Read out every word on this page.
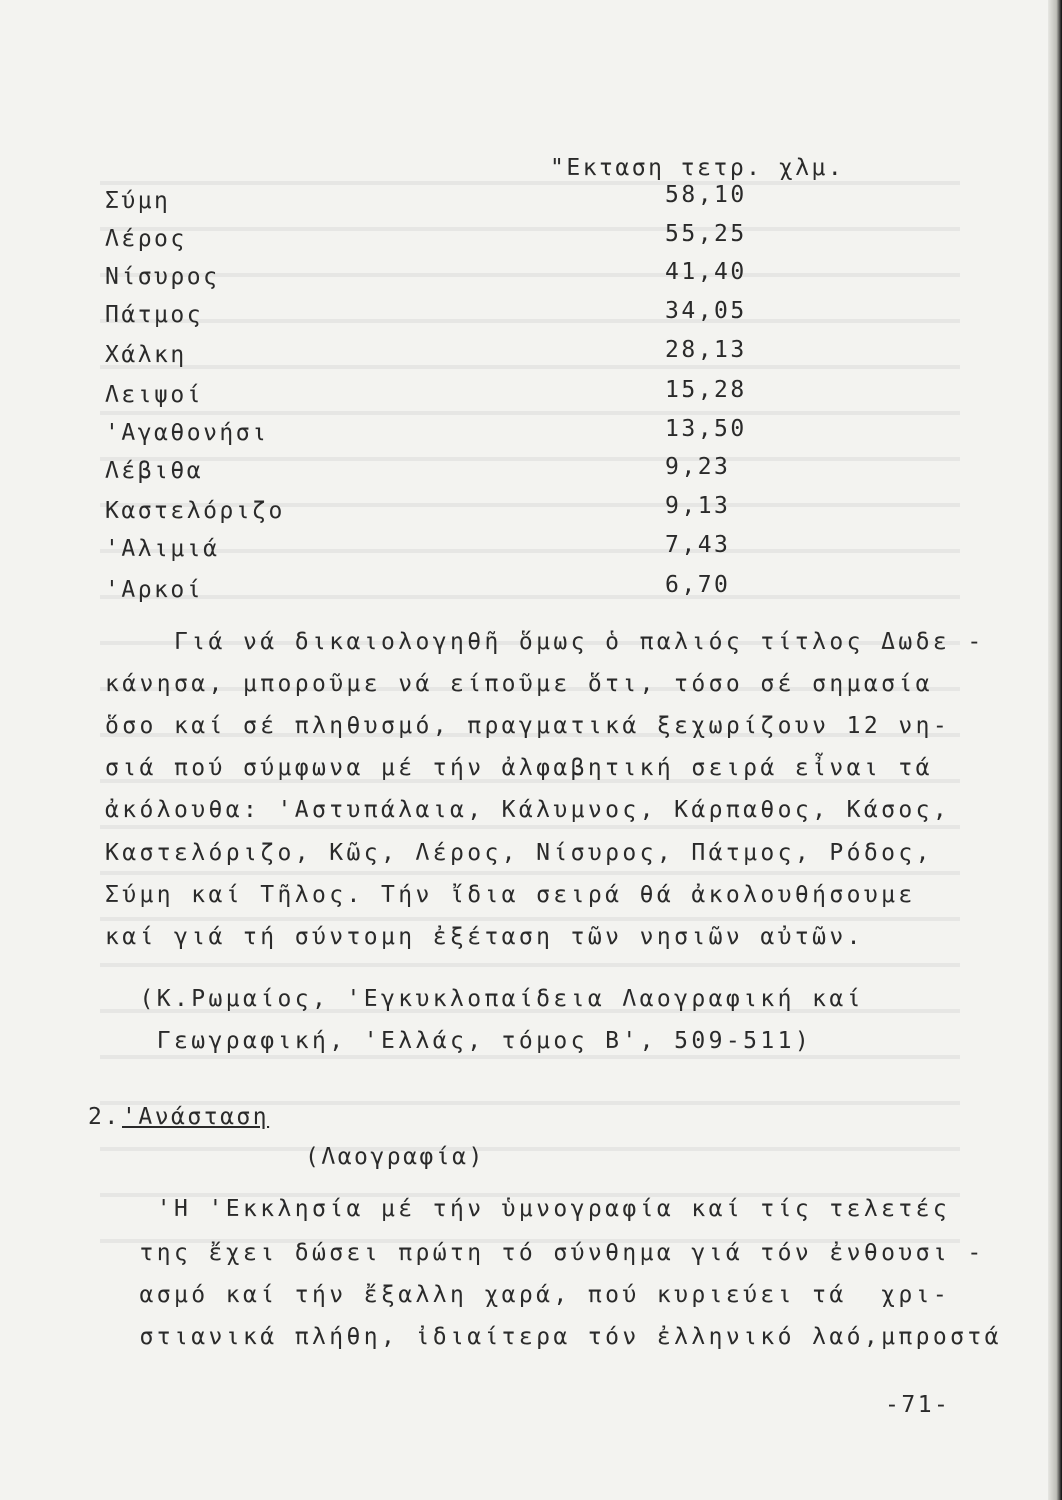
"Εκταση τετρ. χλμ.
Σύμη	58,10
Λέρος	55,25
Νίσυρος	41,40
Πάτμος	34,05
Χάλκη	28,13
Λειψοί	15,28
'Αγαθονήσι	13,50
Λέβιθα	9,23
Καστελόριζο	9,13
'Αλιμιά	7,43
'Αρκοί	6,70
Γιά νά δικαιολογηθῆ ὅμως ὁ παλιός τίτλος Δωδε -
κάνησα, μποροῦμε νά είποῦμε ὅτι, τόσο σέ σημασία
ὅσο καί σέ πληθυσμό, πραγματικά ξεχωρίζουν 12 νη-
σιά πού σύμφωνα μέ τήν ἀλφαβητική σειρά εἶναι τά
ἀκόλουθα: 'Αστυπάλαια, Κάλυμνος, Κάρπαθος, Κάσος,
Καστελόριζο, Κῶς, Λέρος, Νίσυρος, Πάτμος, Ρόδος,
Σύμη καί Τῆλος. Τήν ἴδια σειρά θά ἀκολουθήσουμε
καί γιά τή σύντομη ἐξέταση τῶν νησιῶν αὐτῶν.
(Κ.Ρωμαίος, 'Εγκυκλοπαίδεια Λαογραφική καί
Γεωγραφική, 'Ελλάς, τόμος Β', 509-511)
2. 'Ανάσταση
(Λαογραφία)
'Η 'Εκκλησία μέ τήν ὑμνογραφία καί τίς τελετές
της ἔχει δώσει πρώτη τό σύνθημα γιά τόν ἐνθουσι -
ασμό καί τήν ἔξαλλη χαρά, πού κυριεύει τά  χρι-
στιανικά πλήθη, ἰδιαίτερα τόν ἐλληνικό λαό,μπροστά
-71-
